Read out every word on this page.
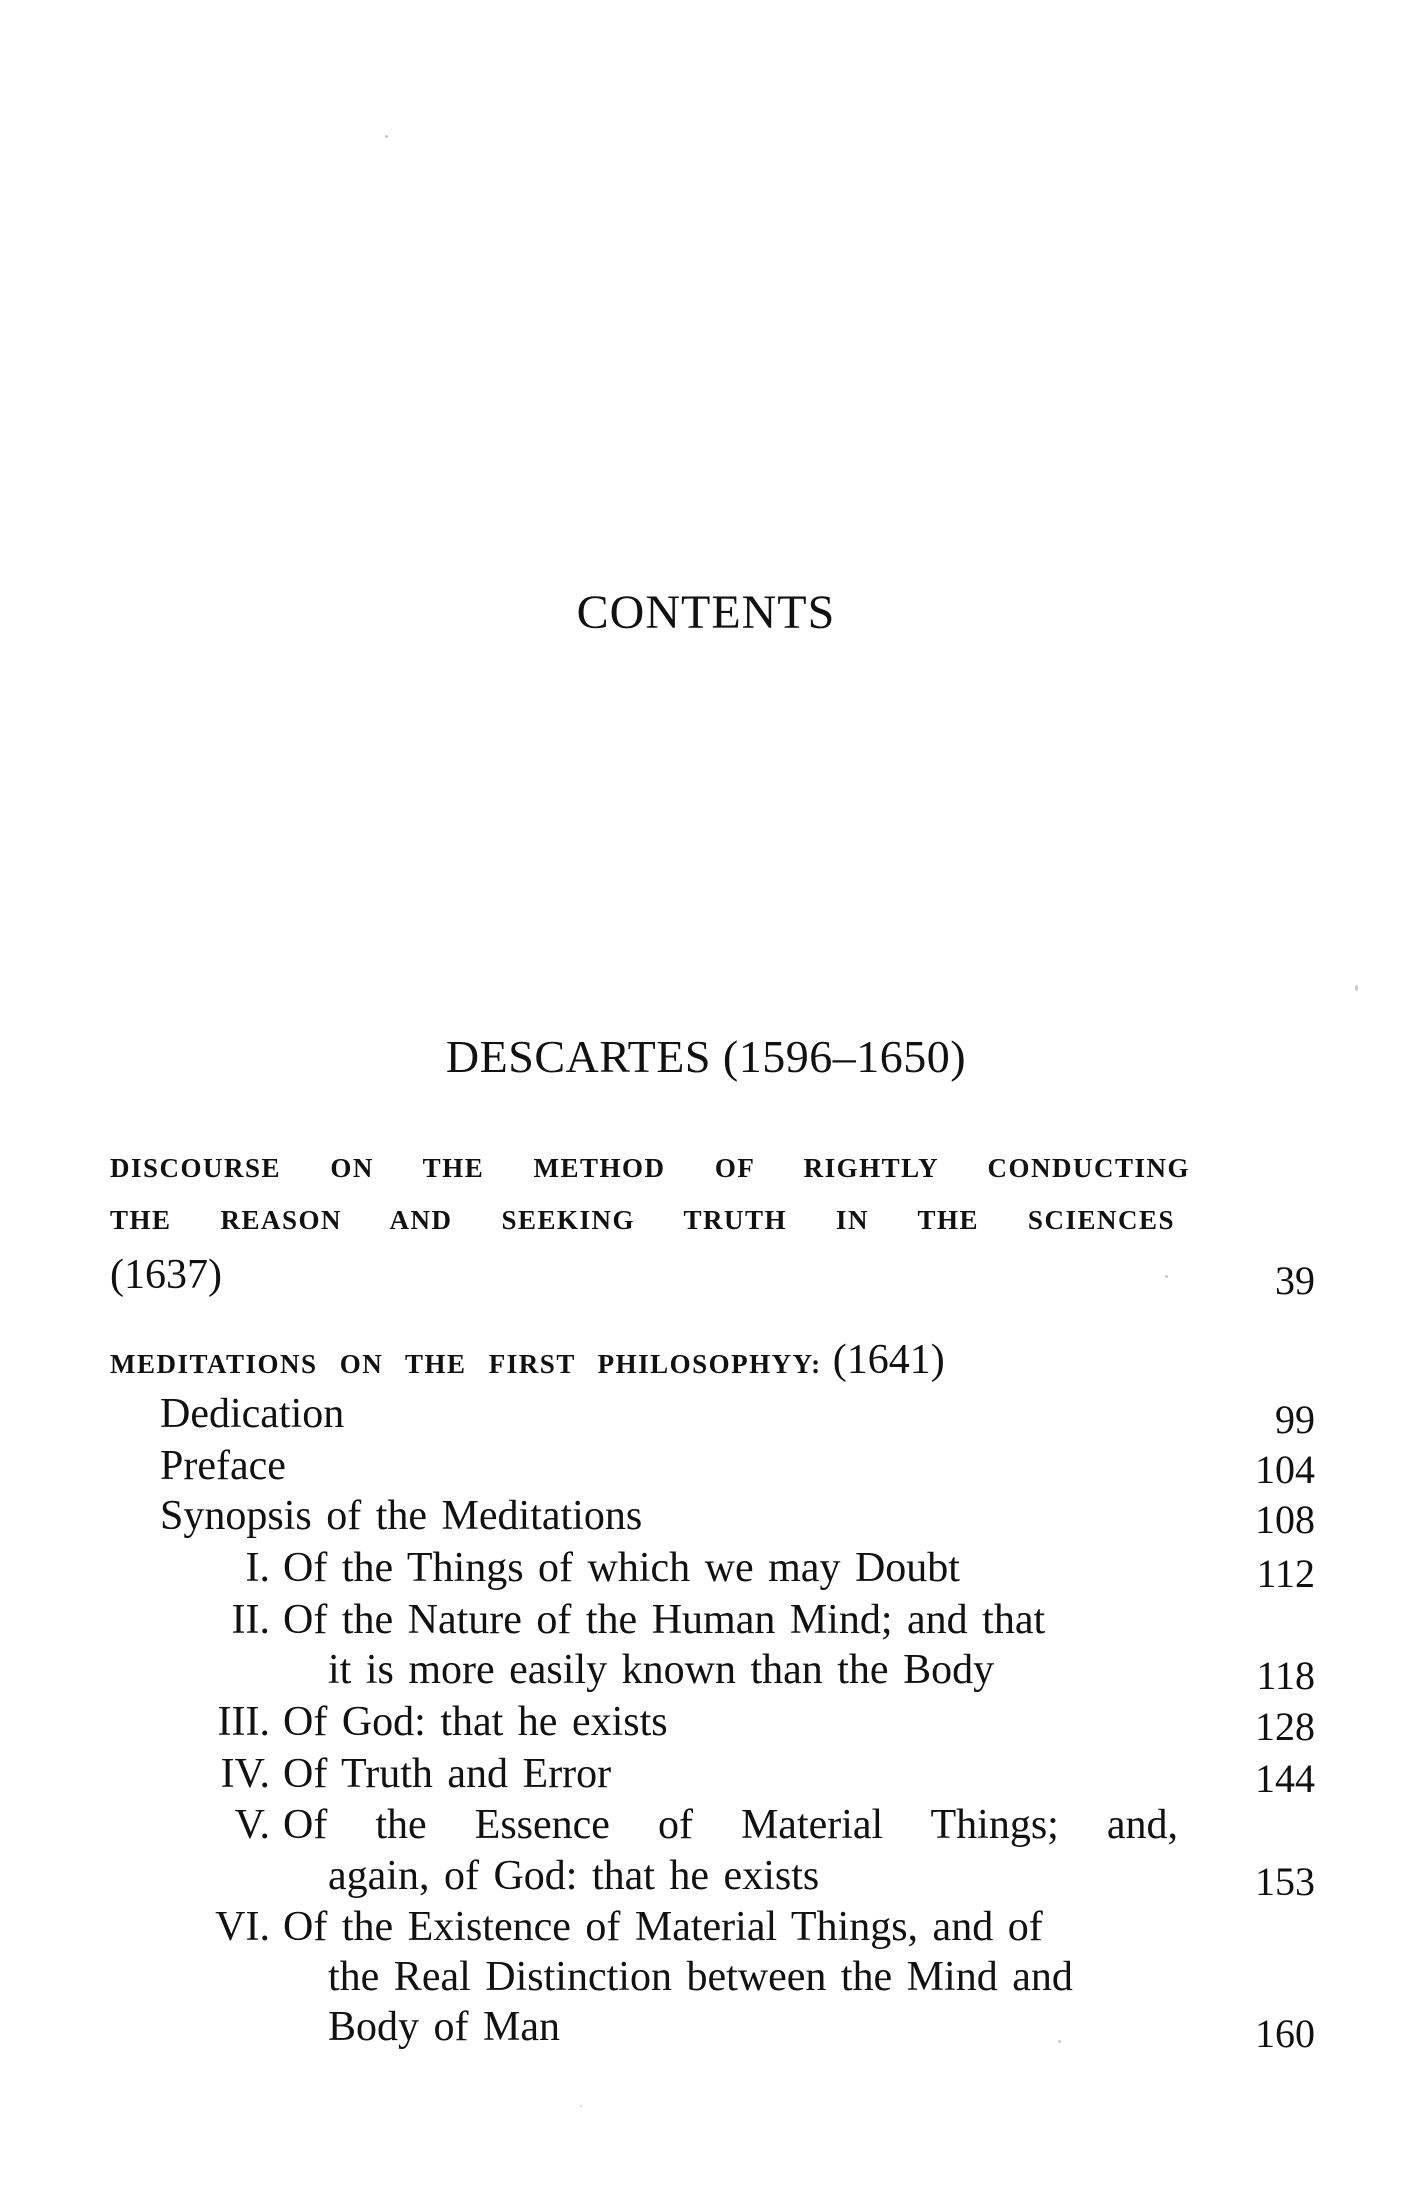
CONTENTS
DESCARTES (1596–1650)
DISCOURSE ON THE METHOD OF RIGHTLY CONDUCTING
THE REASON AND SEEKING TRUTH IN THE SCIENCES
(1637)	39
MEDITATIONS ON THE FIRST PHILOSOPHYY: (1641)
Dedication	99
Preface	104
Synopsis of the Meditations	108
I. Of the Things of which we may Doubt	112
II. Of the Nature of the Human Mind; and that
it is more easily known than the Body	118
III. Of God: that he exists	128
IV. Of Truth and Error	144
V. Of the Essence of Material Things; and,
again, of God: that he exists	153
VI. Of the Existence of Material Things, and of
the Real Distinction between the Mind and
Body of Man	160
